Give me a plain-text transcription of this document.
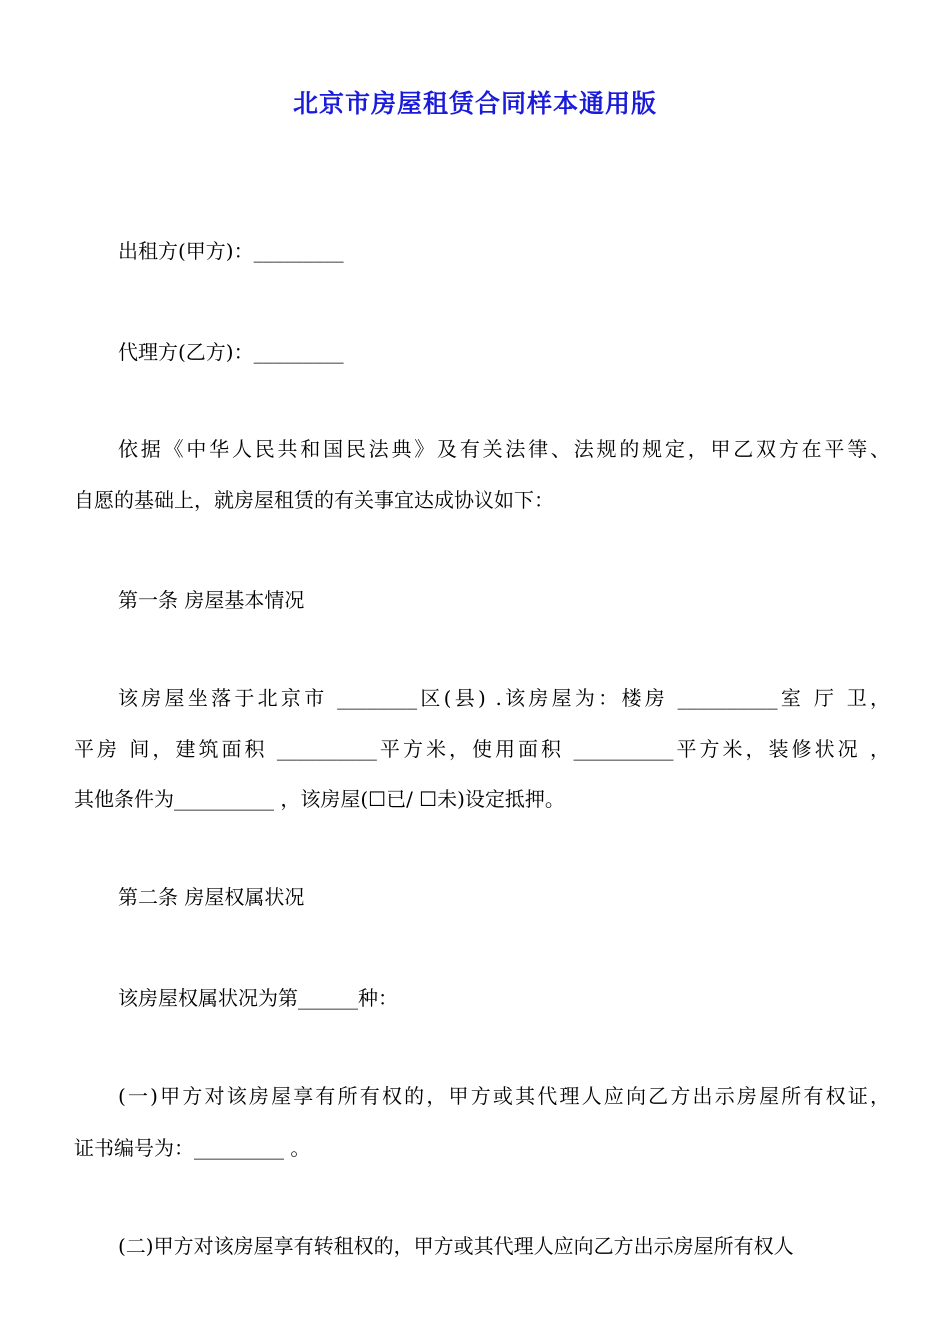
北京市房屋租赁合同样本通用版
出租方(甲方)：_________
代理方(乙方)：_________
依据《中华人民共和国民法典》及有关法律、法规的规定，甲乙双方在平等、
自愿的基础上，就房屋租赁的有关事宜达成协议如下：
第一条 房屋基本情况
该房屋坐落于北京市 ________区(县) .该房屋为：楼房 __________室 厅 卫，
平房 间，建筑面积 __________平方米，使用面积 __________平方米，装修状况 ，
其他条件为__________ ，该房屋(☐已/ ☐未)设定抵押。
第二条 房屋权属状况
该房屋权属状况为第______种：
(一)甲方对该房屋享有所有权的，甲方或其代理人应向乙方出示房屋所有权证，
证书编号为：_________ 。
(二)甲方对该房屋享有转租权的，甲方或其代理人应向乙方出示房屋所有权人
